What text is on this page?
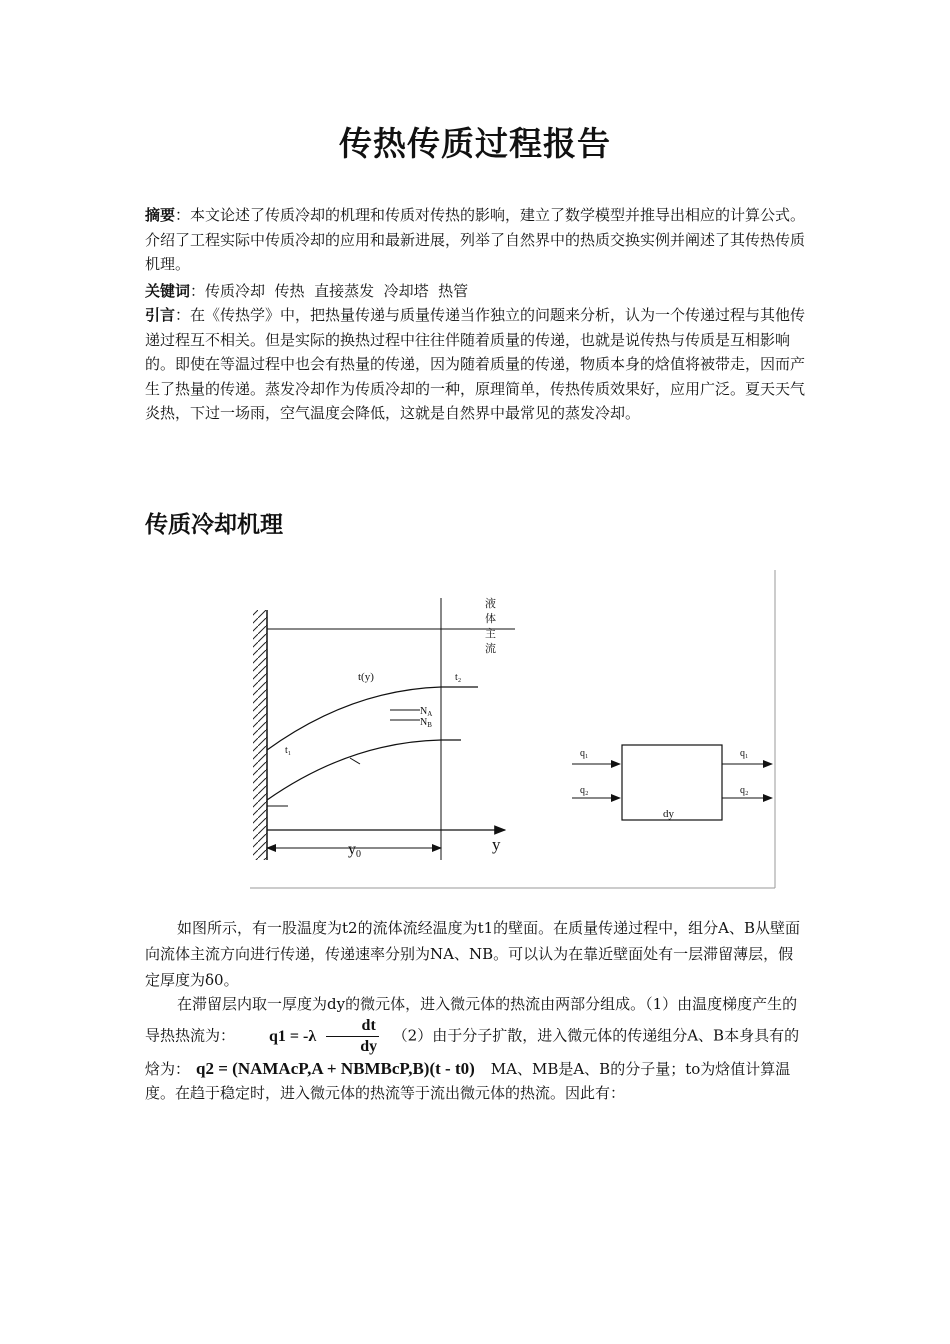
传热传质过程报告
摘要：本文论述了传质冷却的机理和传质对传热的影响，建立了数学模型并推导出相应的计算公式。介绍了工程实际中传质冷却的应用和最新进展，列举了自然界中的热质交换实例并阐述了其传热传质机理。
关键词：传质冷却  传热  直接蒸发  冷却塔  热管
引言：在《传热学》中，把热量传递与质量传递当作独立的问题来分析，认为一个传递过程与其他传递过程互不相关。但是实际的换热过程中往往伴随着质量的传递，也就是说传热与传质是互相影响的。即使在等温过程中也会有热量的传递，因为随着质量的传递，物质本身的焓值将被带走，因而产生了热量的传递。蒸发冷却作为传质冷却的一种，原理简单，传热传质效果好，应用广泛。夏天天气炎热，下过一场雨，空气温度会降低，这就是自然界中最常见的蒸发冷却。
传质冷却机理
液
体
主
流
t(y)	t₂
t₁
$N_A$
$N_B$
y0
y
dy
q₁
q₂
q₁
q₂
如图所示，有一股温度为t2的流体流经温度为t1的壁面。在质量传递过程中，组分A、B从壁面向流体主流方向进行传递，传递速率分别为NA、NB。可以认为在靠近壁面处有一层滞留薄层，假定厚度为δ0。
在滞留层内取一厚度为dy的微元体，进入微元体的热流由两部分组成。（1）由温度梯度产生的导热热流为： $q1 = -\lambda \frac{dt}{dy} (2)$由于分子扩散，进入微元体的传递组分A、B本身具有的焓为： q2 = (NAMAcP,A + NBMBcP,B)(t - t0) MA、MB是A、B的分子量；to为焓值计算温度。在趋于稳定时，进入微元体的热流等于流出微元体的热流。因此有：
